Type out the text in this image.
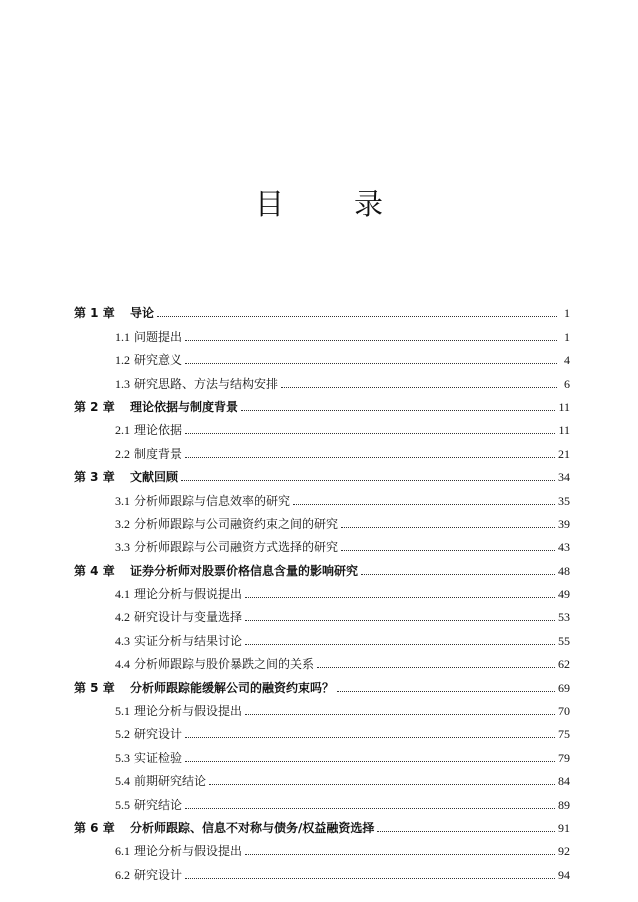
目 录
第 1 章	导论	1
1.1 问题提出	1
1.2 研究意义	4
1.3 研究思路、方法与结构安排	6
第 2 章	理论依据与制度背景	11
2.1 理论依据	11
2.2 制度背景	21
第 3 章	文献回顾	34
3.1 分析师跟踪与信息效率的研究	35
3.2 分析师跟踪与公司融资约束之间的研究	39
3.3 分析师跟踪与公司融资方式选择的研究	43
第 4 章	证券分析师对股票价格信息含量的影响研究	48
4.1 理论分析与假说提出	49
4.2 研究设计与变量选择	53
4.3 实证分析与结果讨论	55
4.4 分析师跟踪与股价暴跌之间的关系	62
第 5 章	分析师跟踪能缓解公司的融资约束吗？	69
5.1 理论分析与假设提出	70
5.2 研究设计	75
5.3 实证检验	79
5.4 前期研究结论	84
5.5 研究结论	89
第 6 章	分析师跟踪、信息不对称与债务/权益融资选择	91
6.1 理论分析与假设提出	92
6.2 研究设计	94
